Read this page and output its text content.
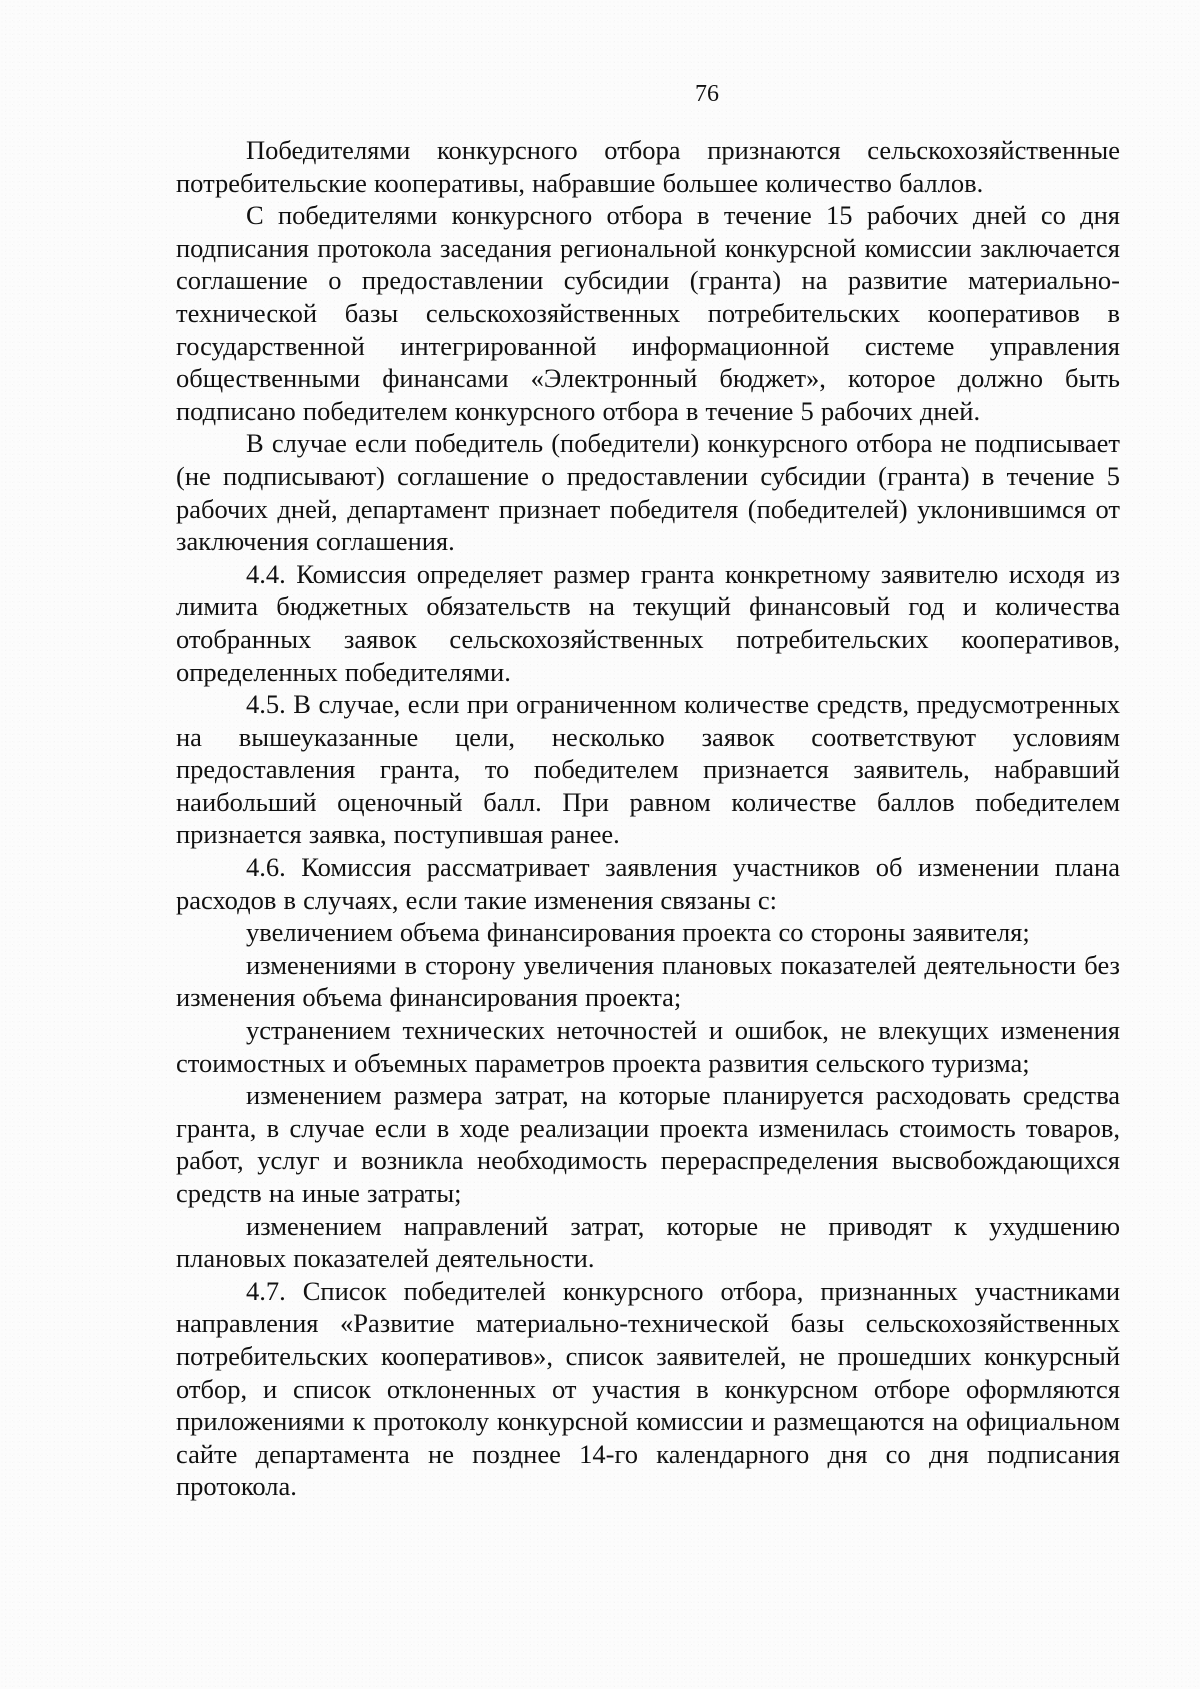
76

Победителями конкурсного отбора признаются сельскохозяйственные потребительские кооперативы, набравшие большее количество баллов.

С победителями конкурсного отбора в течение 15 рабочих дней со дня подписания протокола заседания региональной конкурсной комиссии заключается соглашение о предоставлении субсидии (гранта) на развитие материально-технической базы сельскохозяйственных потребительских кооперативов в государственной интегрированной информационной системе управления общественными финансами «Электронный бюджет», которое должно быть подписано победителем конкурсного отбора в течение 5 рабочих дней.

В случае если победитель (победители) конкурсного отбора не подписывает (не подписывают) соглашение о предоставлении субсидии (гранта) в течение 5 рабочих дней, департамент признает победителя (победителей) уклонившимся от заключения соглашения.

4.4. Комиссия определяет размер гранта конкретному заявителю исходя из лимита бюджетных обязательств на текущий финансовый год и количества отобранных заявок сельскохозяйственных потребительских кооперативов, определенных победителями.

4.5. В случае, если при ограниченном количестве средств, предусмотренных на вышеуказанные цели, несколько заявок соответствуют условиям предоставления гранта, то победителем признается заявитель, набравший наибольший оценочный балл. При равном количестве баллов победителем признается заявка, поступившая ранее.

4.6. Комиссия рассматривает заявления участников об изменении плана расходов в случаях, если такие изменения связаны с:

увеличением объема финансирования проекта со стороны заявителя;

изменениями в сторону увеличения плановых показателей деятельности без изменения объема финансирования проекта;

устранением технических неточностей и ошибок, не влекущих изменения стоимостных и объемных параметров проекта развития сельского туризма;

изменением размера затрат, на которые планируется расходовать средства гранта, в случае если в ходе реализации проекта изменилась стоимость товаров, работ, услуг и возникла необходимость перераспределения высвобождающихся средств на иные затраты;

изменением направлений затрат, которые не приводят к ухудшению плановых показателей деятельности.

4.7. Список победителей конкурсного отбора, признанных участниками направления «Развитие материально-технической базы сельскохозяйственных потребительских кооперативов», список заявителей, не прошедших конкурсный отбор, и список отклоненных от участия в конкурсном отборе оформляются приложениями к протоколу конкурсной комиссии и размещаются на официальном сайте департамента не позднее 14-го календарного дня со дня подписания протокола.
